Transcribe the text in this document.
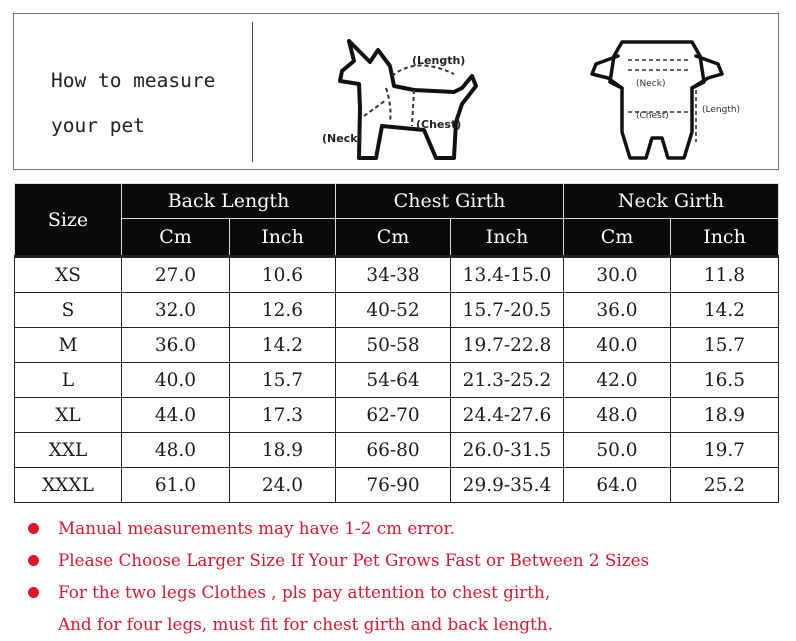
How to measure
your pet
(Length)
(Chest)
(Neck)
(Neck)
(Chest)
(Length)
Size	Back Length		Chest Girth		Neck Girth	
	Cm	Inch	Cm	Inch	Cm	Inch
XS	27.0	10.6	34-38	13.4-15.0	30.0	11.8
S	32.0	12.6	40-52	15.7-20.5	36.0	14.2
M	36.0	14.2	50-58	19.7-22.8	40.0	15.7
L	40.0	15.7	54-64	21.3-25.2	42.0	16.5
XL	44.0	17.3	62-70	24.4-27.6	48.0	18.9
XXL	48.0	18.9	66-80	26.0-31.5	50.0	19.7
XXXL	61.0	24.0	76-90	29.9-35.4	64.0	25.2
Manual measurements may have 1-2 cm error.
Please Choose Larger Size If Your Pet Grows Fast or Between 2 Sizes
For the two legs Clothes , pls pay attention to chest girth,
And for four legs, must fit for chest girth and back length.
